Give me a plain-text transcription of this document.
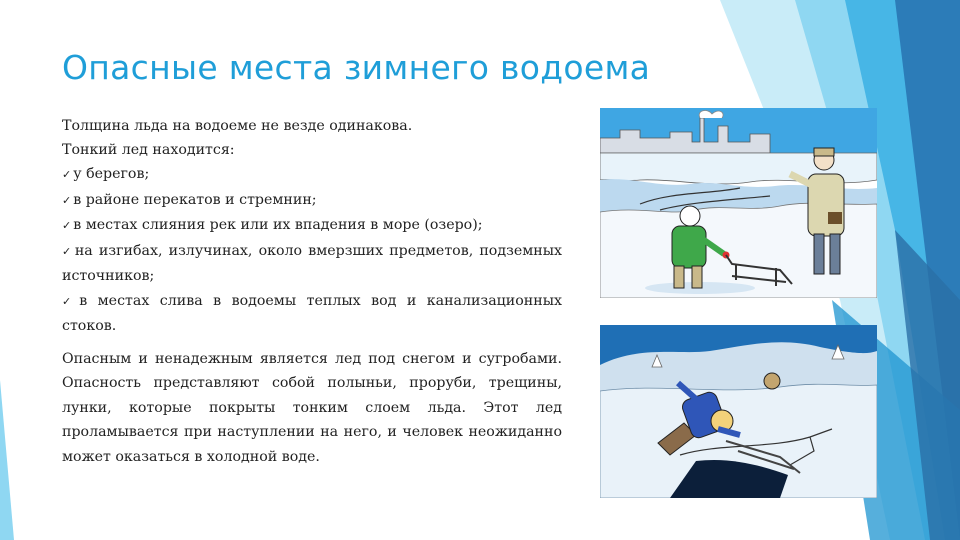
Опасные места зимнего водоема

Толщина льда на водоеме не везде одинакова.

Тонкий лед находится:

✓ у берегов;
✓ в районе перекатов и стремнин;
✓ в местах слияния рек или их впадения в море (озеро);
✓ на изгибах, излучинах, около вмерзших предметов, подземных источников;
✓ в местах слива в водоемы теплых вод и канализационных стоков.

Опасным и ненадежным является лед под снегом и сугробами. Опасность представляют собой полыньи, проруби, трещины, лунки, которые покрыты тонким слоем льда. Этот лед проламывается при наступлении на него, и человек неожиданно может оказаться в холодной воде.
